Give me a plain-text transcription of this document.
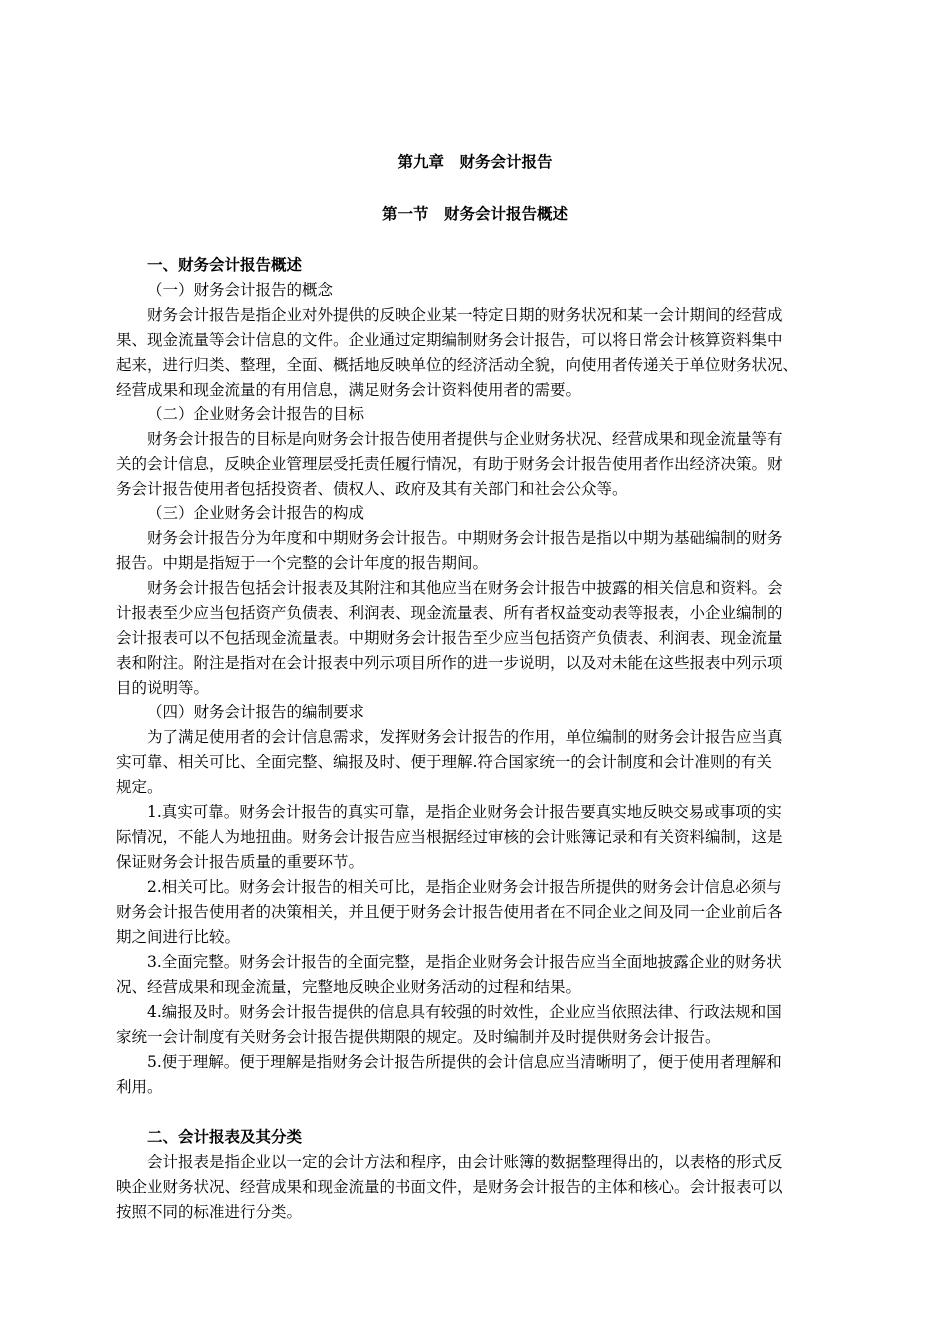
第九章　财务会计报告
第一节　财务会计报告概述
一、财务会计报告概述
（一）财务会计报告的概念
财务会计报告是指企业对外提供的反映企业某一特定日期的财务状况和某一会计期间的经营成
果、现金流量等会计信息的文件。企业通过定期编制财务会计报告，可以将日常会计核算资料集中
起来，进行归类、整理，全面、概括地反映单位的经济活动全貌，向使用者传递关于单位财务状况、
经营成果和现金流量的有用信息，满足财务会计资料使用者的需要。
（二）企业财务会计报告的目标
财务会计报告的目标是向财务会计报告使用者提供与企业财务状况、经营成果和现金流量等有
关的会计信息，反映企业管理层受托责任履行情况，有助于财务会计报告使用者作出经济决策。财
务会计报告使用者包括投资者、债权人、政府及其有关部门和社会公众等。
（三）企业财务会计报告的构成
财务会计报告分为年度和中期财务会计报告。中期财务会计报告是指以中期为基础编制的财务
报告。中期是指短于一个完整的会计年度的报告期间。
财务会计报告包括会计报表及其附注和其他应当在财务会计报告中披露的相关信息和资料。会
计报表至少应当包括资产负债表、利润表、现金流量表、所有者权益变动表等报表，小企业编制的
会计报表可以不包括现金流量表。中期财务会计报告至少应当包括资产负债表、利润表、现金流量
表和附注。附注是指对在会计报表中列示项目所作的进一步说明，以及对未能在这些报表中列示项
目的说明等。
（四）财务会计报告的编制要求
为了满足使用者的会计信息需求，发挥财务会计报告的作用，单位编制的财务会计报告应当真
实可靠、相关可比、全面完整、编报及时、便于理解.符合国家统一的会计制度和会计准则的有关
规定。
1.真实可靠。财务会计报告的真实可靠，是指企业财务会计报告要真实地反映交易或事项的实
际情况，不能人为地扭曲。财务会计报告应当根据经过审核的会计账簿记录和有关资料编制，这是
保证财务会计报告质量的重要环节。
2.相关可比。财务会计报告的相关可比，是指企业财务会计报告所提供的财务会计信息必须与
财务会计报告使用者的决策相关，并且便于财务会计报告使用者在不同企业之间及同一企业前后各
期之间进行比较。
3.全面完整。财务会计报告的全面完整，是指企业财务会计报告应当全面地披露企业的财务状
况、经营成果和现金流量，完整地反映企业财务活动的过程和结果。
4.编报及时。财务会计报告提供的信息具有较强的时效性，企业应当依照法律、行政法规和国
家统一会计制度有关财务会计报告提供期限的规定。及时编制并及时提供财务会计报告。
5.便于理解。便于理解是指财务会计报告所提供的会计信息应当清晰明了，便于使用者理解和
利用。
二、会计报表及其分类
会计报表是指企业以一定的会计方法和程序，由会计账簿的数据整理得出的，以表格的形式反
映企业财务状况、经营成果和现金流量的书面文件，是财务会计报告的主体和核心。会计报表可以
按照不同的标准进行分类。
